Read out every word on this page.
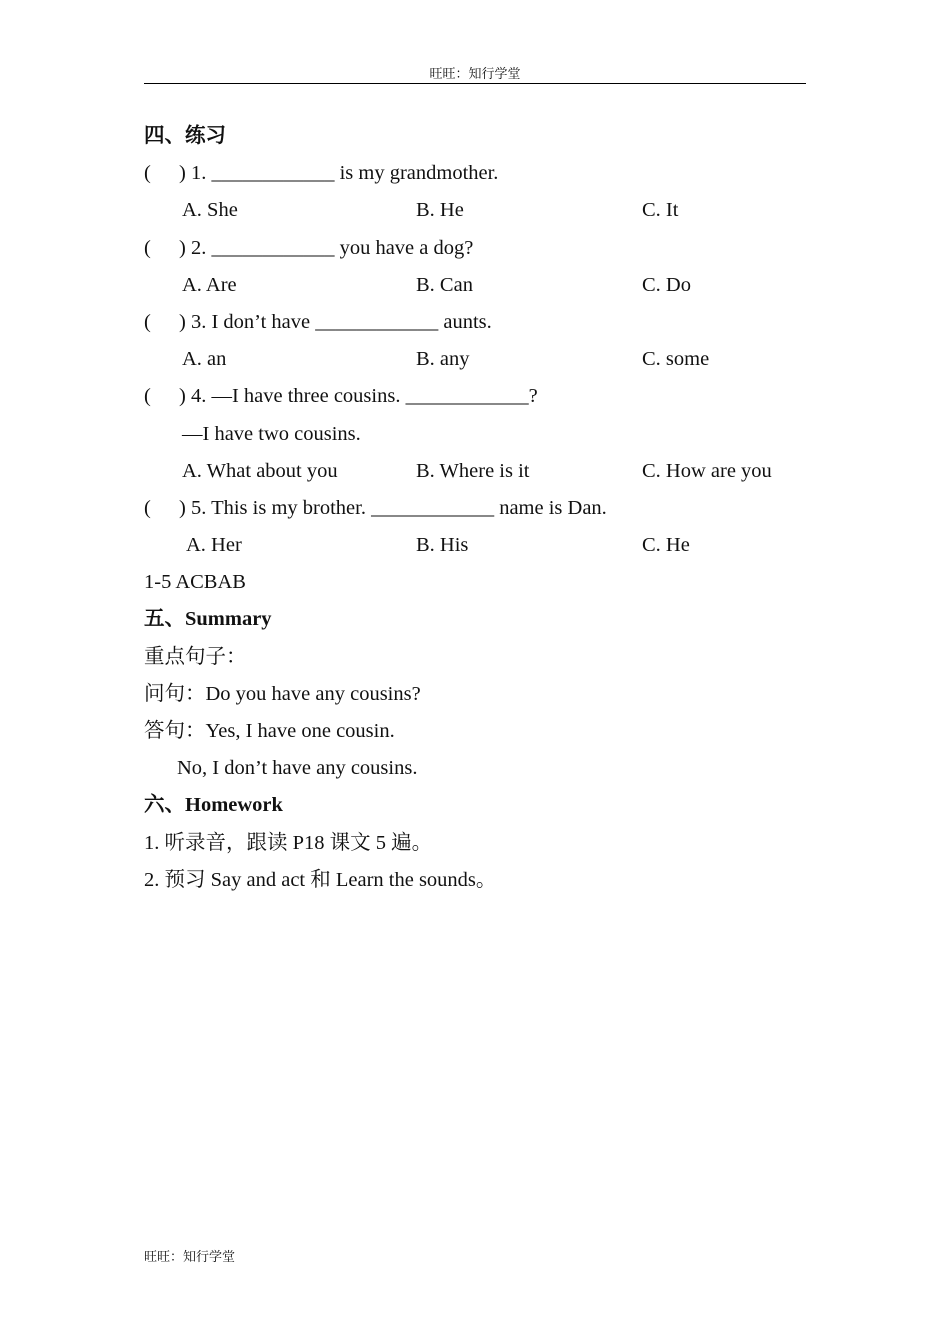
旺旺：知行学堂
四、练习
( ) 1. ____________ is my grandmother.
A. She	B. He	C. It
( ) 2. ____________ you have a dog?
A. Are	B. Can	C. Do
( ) 3. I don’t have ____________ aunts.
A. an	B. any	C. some
( ) 4. —I have three cousins. ____________?
—I have two cousins.
A. What about you	B. Where is it	C. How are you
( ) 5. This is my brother. ____________ name is Dan.
A. Her	B. His	C. He
1-5 ACBAB
五、Summary
重点句子：
问句：Do you have any cousins?
答句：Yes, I have one cousin.
No, I don’t have any cousins.
六、Homework
1. 听录音，跟读 P18 课文 5 遍。
2. 预习 Say and act 和 Learn the sounds。
旺旺：知行学堂
